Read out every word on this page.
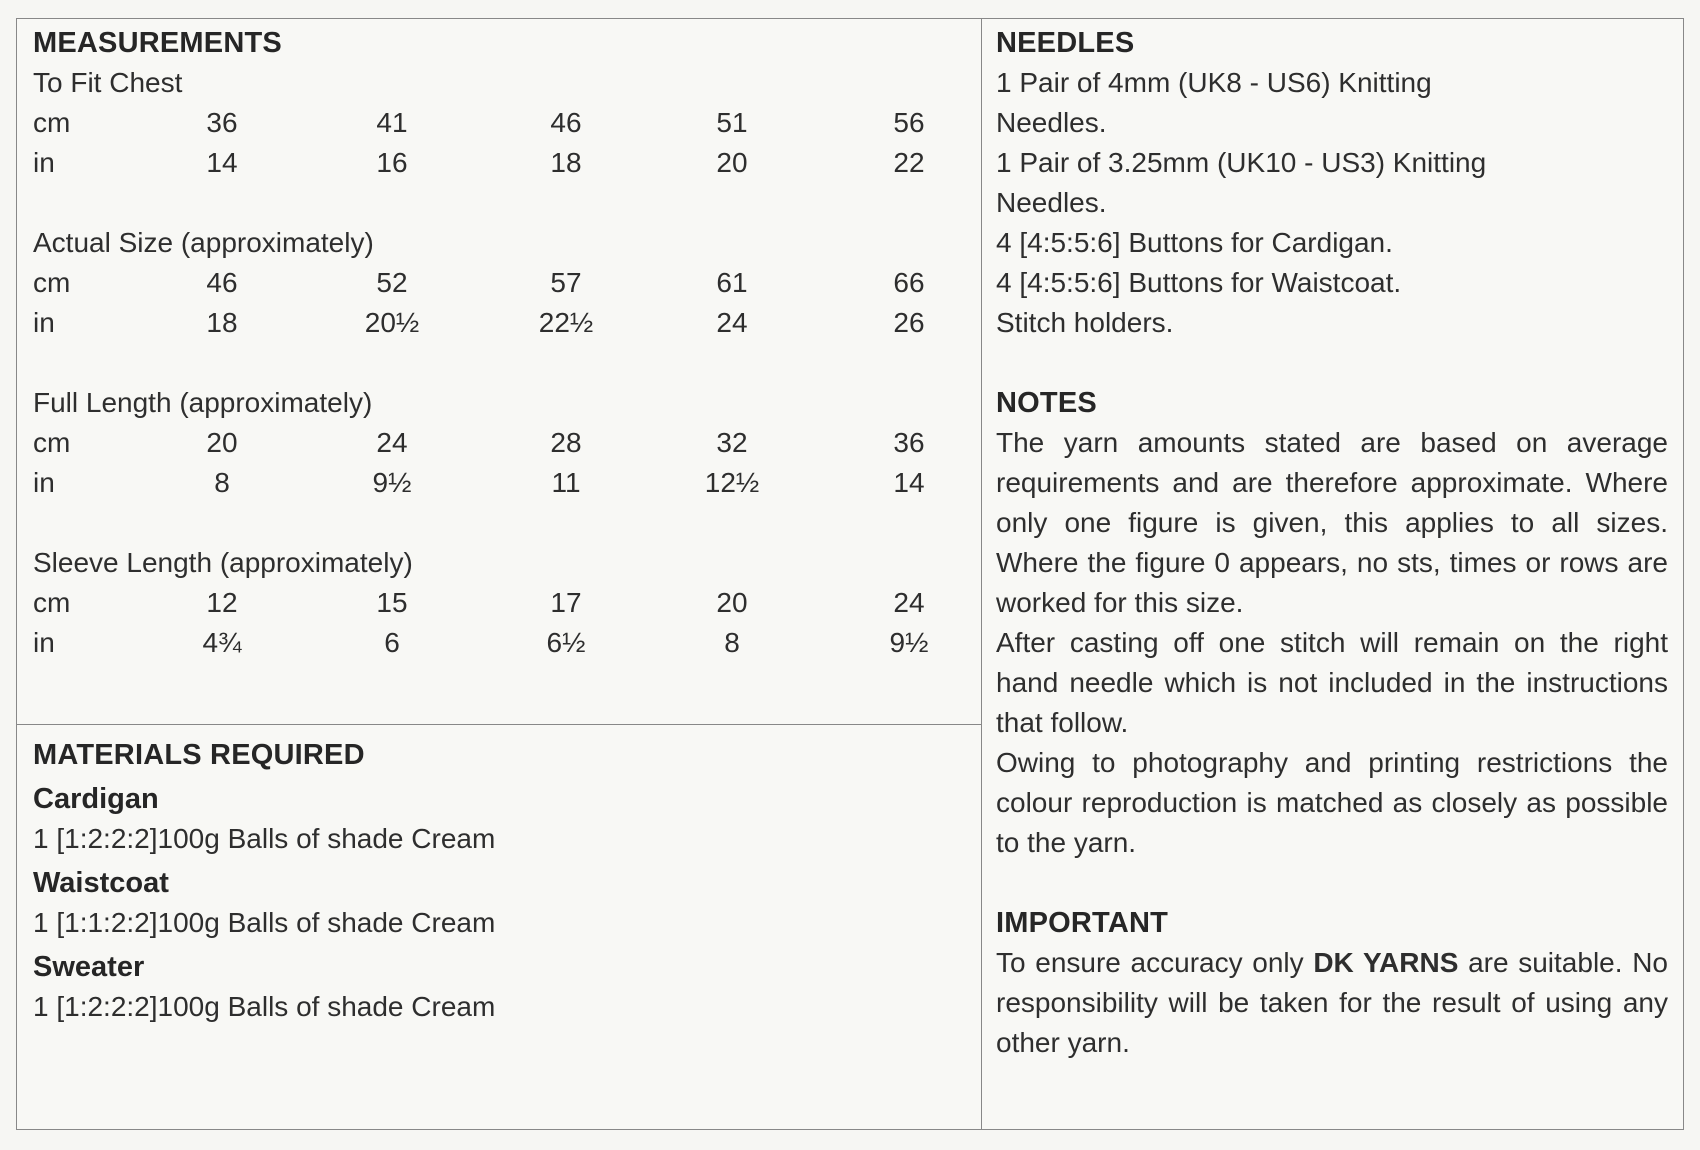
MEASUREMENTS
To Fit Chest
cm	36	41	46	51	56
in	14	16	18	20	22
Actual Size (approximately)
cm	46	52	57	61	66
in	18	20½	22½	24	26
Full Length (approximately)
cm	20	24	28	32	36
in	8	9½	11	12½	14
Sleeve Length (approximately)
cm	12	15	17	20	24
in	4¾	6	6½	8	9½
MATERIALS REQUIRED
Cardigan
1 [1:2:2:2]100g Balls of shade Cream
Waistcoat
1 [1:1:2:2]100g Balls of shade Cream
Sweater
1 [1:2:2:2]100g Balls of shade Cream
NEEDLES
1 Pair of 4mm (UK8 - US6) Knitting
Needles.
1 Pair of 3.25mm (UK10 - US3) Knitting
Needles.
4 [4:5:5:6] Buttons for Cardigan.
4 [4:5:5:6] Buttons for Waistcoat.
Stitch holders.
NOTES
The yarn amounts stated are based on average requirements and are therefore approximate. Where only one figure is given, this applies to all sizes. Where the figure 0 appears, no sts, times or rows are worked for this size.
After casting off one stitch will remain on the right hand needle which is not included in the instructions that follow.
Owing to photography and printing restrictions the colour reproduction is matched as closely as possible to the yarn.
IMPORTANT
To ensure accuracy only DK YARNS are suitable. No responsibility will be taken for the result of using any other yarn.
